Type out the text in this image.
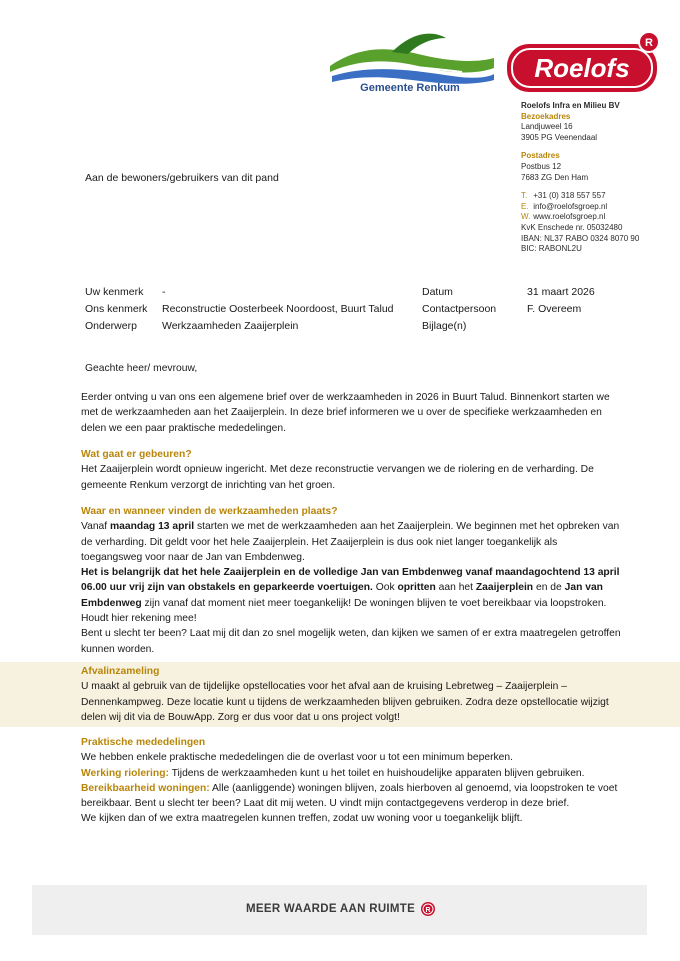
Gemeente Renkum
Roelofs
R
Roelofs Infra en Milieu BV
Bezoekadres
Landjuweel 16
3905 PG Veenendaal
Postadres
Postbus 12
7683 ZG Den Ham
T. +31 (0) 318 557 557
E. info@roelofsgroep.nl
W. www.roelofsgroep.nl
KvK Enschede nr. 05032480
IBAN: NL37 RABO 0324 8070 90
BIC: RABONL2U
Aan de bewoners/gebruikers van dit pand
Uw kenmerk -	Datum	31 maart 2026
Ons kenmerk Reconstructie Oosterbeek Noordoost, Buurt Talud	Contactpersoon	F. Overeem
Onderwerp Werkzaamheden Zaaijerplein	Bijlage(n)
Geachte heer/ mevrouw,
Eerder ontving u van ons een algemene brief over de werkzaamheden in 2026 in Buurt Talud. Binnenkort starten we met de werkzaamheden aan het Zaaijerplein. In deze brief informeren we u over de specifieke werkzaamheden en delen we een paar praktische mededelingen.

Wat gaat er gebeuren?

Het Zaaijerplein wordt opnieuw ingericht. Met deze reconstructie vervangen we de riolering en de verharding. De gemeente Renkum verzorgt de inrichting van het groen.

Waar en wanneer vinden de werkzaamheden plaats?

Vanaf maandag 13 april starten we met de werkzaamheden aan het Zaaijerplein. We beginnen met het opbreken van de verharding. Dit geldt voor het hele Zaaijerplein. Het Zaaijerplein is dus ook niet langer toegankelijk als toegangsweg voor naar de Jan van Embdenweg.

Het is belangrijk dat het hele Zaaijerplein en de volledige Jan van Embdenweg vanaf maandagochtend 13 april 06.00 uur vrij zijn van obstakels en geparkeerde voertuigen. Ook opritten aan het Zaaijerplein en de Jan van Embdenweg zijn vanaf dat moment niet meer toegankelijk! De woningen blijven te voet bereikbaar via loopstroken. Houdt hier rekening mee!

Bent u slecht ter been? Laat mij dit dan zo snel mogelijk weten, dan kijken we samen of er extra maatregelen getroffen kunnen worden.

Afvalinzameling

U maakt al gebruik van de tijdelijke opstellocaties voor het afval aan de kruising Lebretweg – Zaaijerplein – Dennenkampweg. Deze locatie kunt u tijdens de werkzaamheden blijven gebruiken. Zodra deze opstellocatie wijzigt delen wij dit via de BouwApp. Zorg er dus voor dat u ons project volgt!

Praktische mededelingen

We hebben enkele praktische mededelingen die de overlast voor u tot een minimum beperken.

Werking riolering: Tijdens de werkzaamheden kunt u het toilet en huishoudelijke apparaten blijven gebruiken.

Bereikbaarheid woningen: Alle (aanliggende) woningen blijven, zoals hierboven al genoemd, via loopstroken te voet bereikbaar. Bent u slecht ter been? Laat dit mij weten. U vindt mijn contactgegevens verderop in deze brief.

We kijken dan of we extra maatregelen kunnen treffen, zodat uw woning voor u toegankelijk blijft.

MEER WAARDE AAN RUIMTE R
